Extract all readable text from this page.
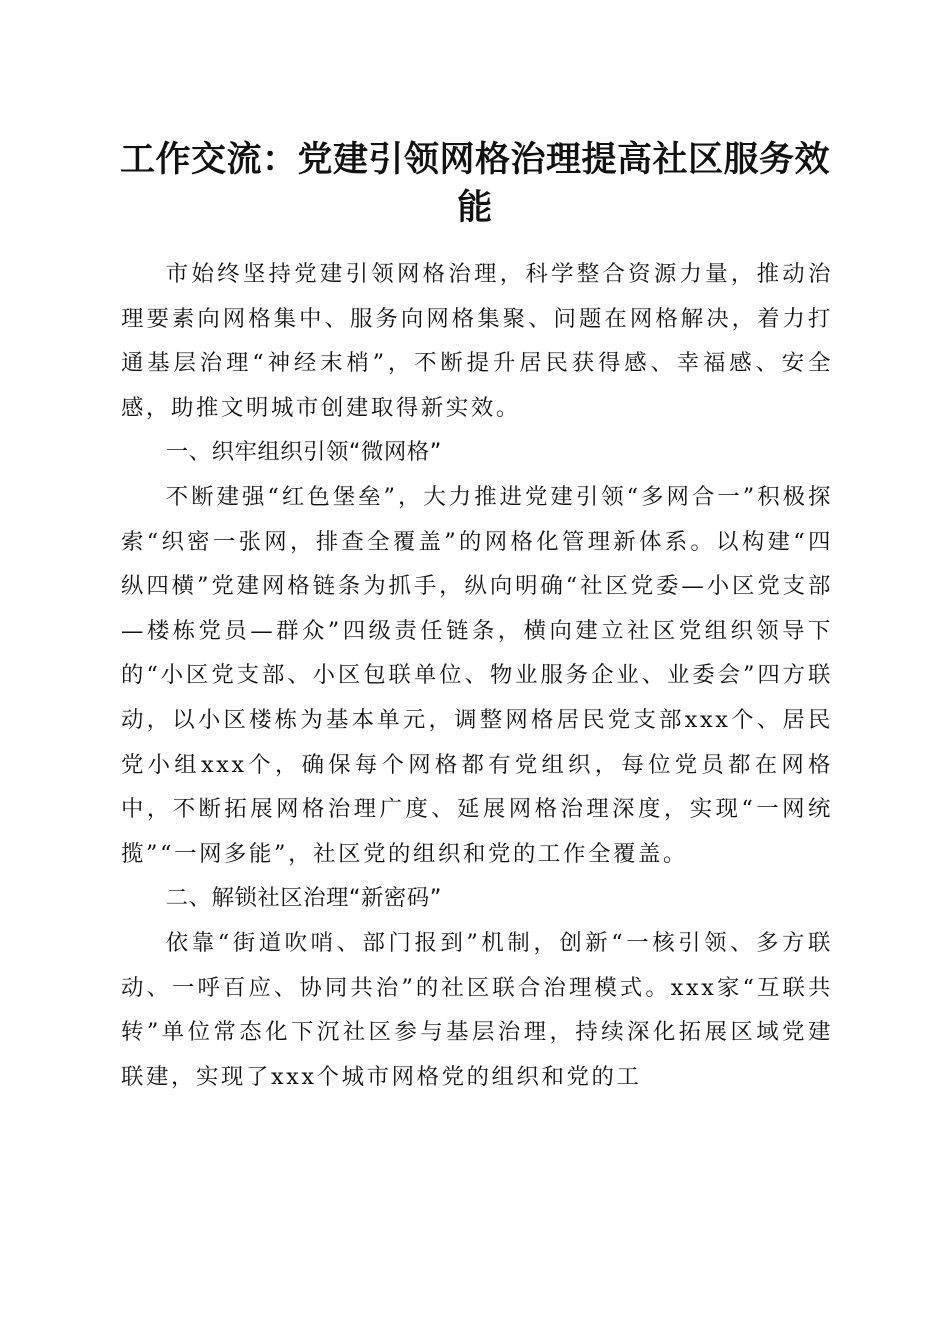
工作交流：党建引领网格治理提高社区服务效能

市始终坚持党建引领网格治理，科学整合资源力量，推动治理要素向网格集中、服务向网格集聚、问题在网格解决，着力打通基层治理“神经末梢”，不断提升居民获得感、幸福感、安全感，助推文明城市创建取得新实效。

一、织牢组织引领“微网格”

不断建强“红色堡垒”，大力推进党建引领“多网合一”积极探索“织密一张网，排查全覆盖”的网格化管理新体系。以构建“四纵四横”党建网格链条为抓手，纵向明确“社区党委—小区党支部—楼栋党员—群众”四级责任链条，横向建立社区党组织领导下的“小区党支部、小区包联单位、物业服务企业、业委会”四方联动，以小区楼栋为基本单元，调整网格居民党支部xxx个、居民党小组xxx个，确保每个网格都有党组织，每位党员都在网格中，不断拓展网格治理广度、延展网格治理深度，实现“一网统揽”“一网多能”，社区党的组织和党的工作全覆盖。

二、解锁社区治理“新密码”

依靠“街道吹哨、部门报到”机制，创新“一核引领、多方联动、一呼百应、协同共治”的社区联合治理模式。xxx家“互联共转”单位常态化下沉社区参与基层治理，持续深化拓展区域党建联建，实现了xxx个城市网格党的组织和党的工
